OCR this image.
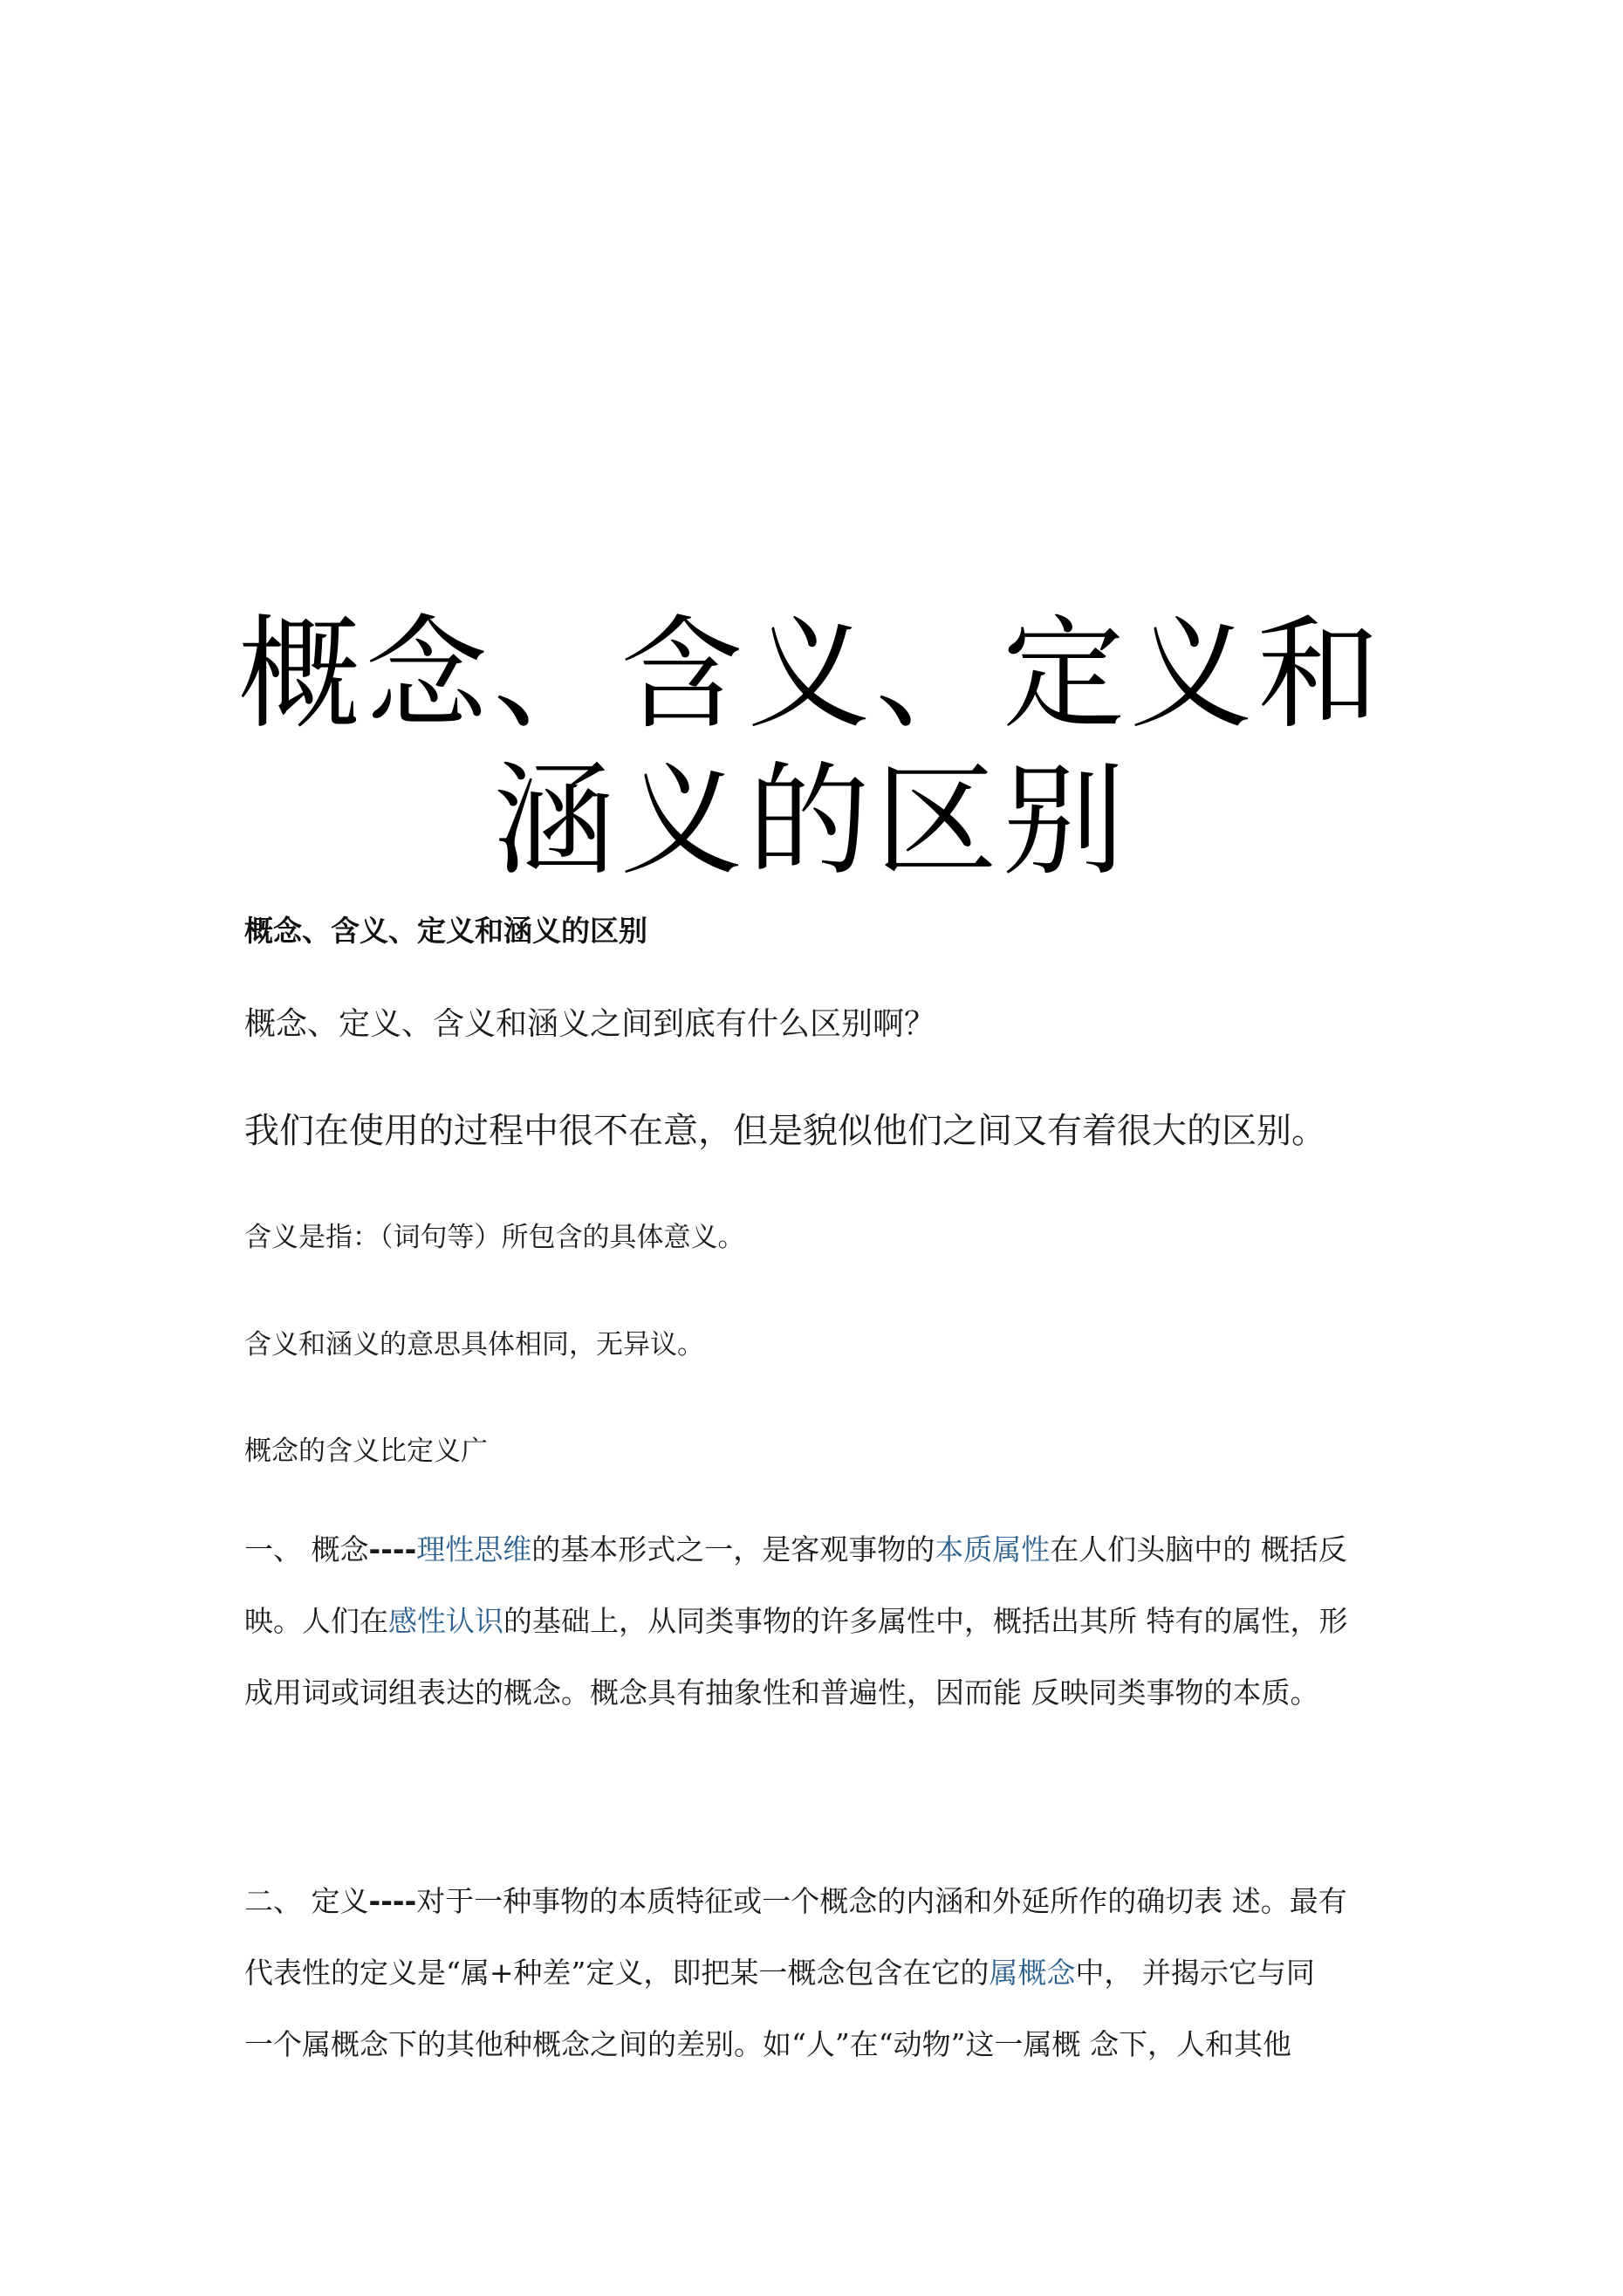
概念、含义、定义和
涵义的区别

概念、含义、定义和涵义的区别

概念、定义、含义和涵义之间到底有什么区别啊？

我们在使用的过程中很不在意，但是貌似他们之间又有着很大的区别。

含义是指：（词句等）所包含的具体意义。

含义和涵义的意思具体相同，无异议。

概念的含义比定义广

一、 概念----理性思维的基本形式之一，是客观事物的本质属性在人们头脑中的 概括反
映。人们在感性认识的基础上，从同类事物的许多属性中，概括出其所 特有的属性，形
成用词或词组表达的概念。概念具有抽象性和普遍性，因而能 反映同类事物的本质。
二、 定义----对于一种事物的本质特征或一个概念的内涵和外延所作的确切表 述。最有
代表性的定义是“属+种差”定义，即把某一概念包含在它的属概念中， 并揭示它与同
一个属概念下的其他种概念之间的差别。如“人”在“动物”这一属概 念下，人和其他
